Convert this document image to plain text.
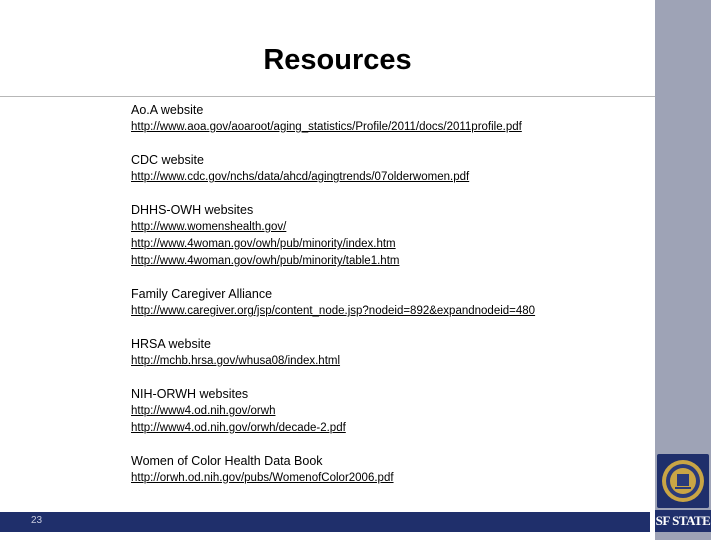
SF STATE
Resources

Ao.A website

http://www.aoa.gov/aoaroot/aging_statistics/Profile/2011/docs/2011profile.pdf

CDC website

http://www.cdc.gov/nchs/data/ahcd/agingtrends/07olderwomen.pdf

DHHS-OWH websites

http://www.womenshealth.gov/
http://www.4woman.gov/owh/pub/minority/index.htm
http://www.4woman.gov/owh/pub/minority/table1.htm

Family Caregiver Alliance

http://www.caregiver.org/jsp/content_node.jsp?nodeid=892&expandnodeid=480

HRSA website

http://mchb.hrsa.gov/whusa08/index.html

NIH-ORWH websites

http://www4.od.nih.gov/orwh
http://www4.od.nih.gov/orwh/decade-2.pdf

Women of Color Health Data Book

http://orwh.od.nih.gov/pubs/WomenofColor2006.pdf
23
